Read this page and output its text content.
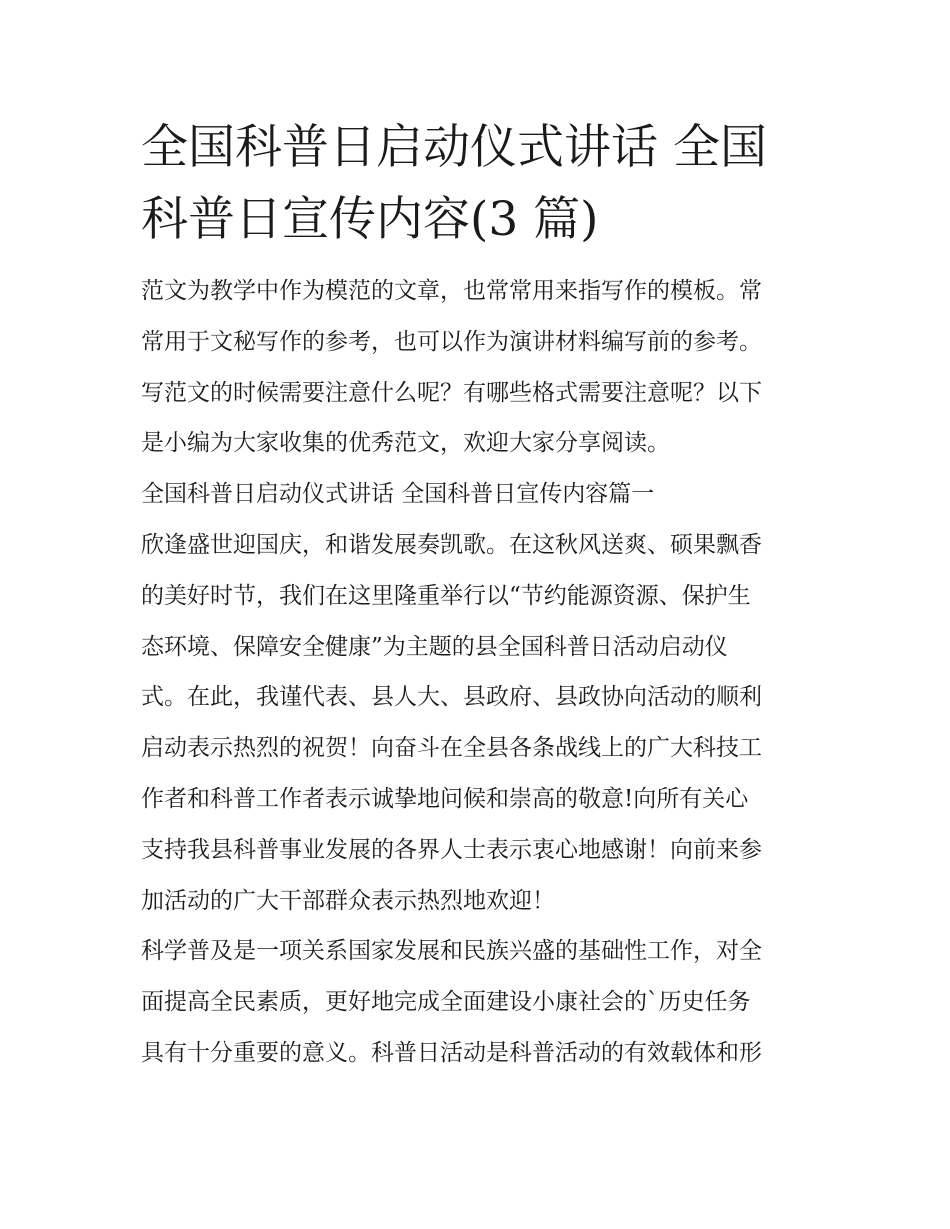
全国科普日启动仪式讲话 全国
科普日宣传内容(3 篇)

范文为教学中作为模范的文章，也常常用来指写作的模板。常
常用于文秘写作的参考，也可以作为演讲材料编写前的参考。
写范文的时候需要注意什么呢？有哪些格式需要注意呢？以下
是小编为大家收集的优秀范文，欢迎大家分享阅读。

全国科普日启动仪式讲话 全国科普日宣传内容篇一

欣逢盛世迎国庆，和谐发展奏凯歌。在这秋风送爽、硕果飘香
的美好时节，我们在这里隆重举行以“节约能源资源、保护生
态环境、保障安全健康”为主题的县全国科普日活动启动仪
式。在此，我谨代表、县人大、县政府、县政协向活动的顺利
启动表示热烈的祝贺！向奋斗在全县各条战线上的广大科技工
作者和科普工作者表示诚挚地问候和崇高的敬意!向所有关心
支持我县科普事业发展的各界人士表示衷心地感谢！向前来参
加活动的广大干部群众表示热烈地欢迎！

科学普及是一项关系国家发展和民族兴盛的基础性工作，对全
面提高全民素质，更好地完成全面建设小康社会的`历史任务
具有十分重要的意义。科普日活动是科普活动的有效载体和形
